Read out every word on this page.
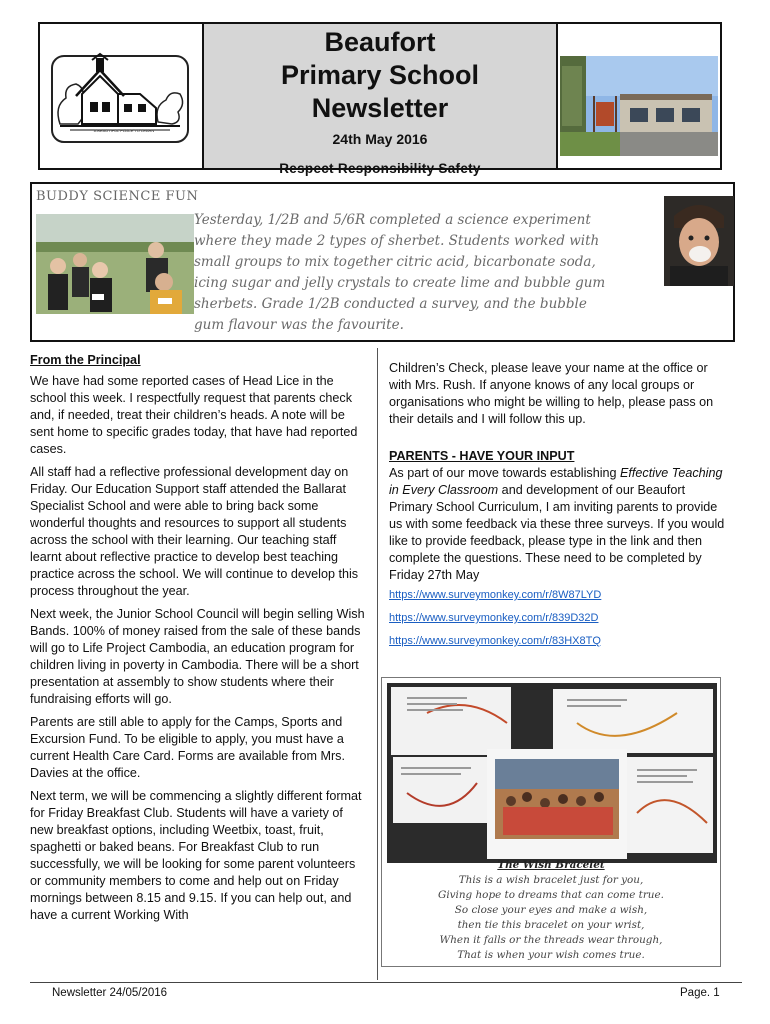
A BEAUTIFUL PLACE TO LEARN
Beaufort
Primary School
Newsletter
24th May 2016
Respect Responsibility Safety
BUDDY SCIENCE FUN
Yesterday, 1/2B and 5/6R completed a science experiment
where they made 2 types of sherbet. Students worked with
small groups to mix together citric acid, bicarbonate soda,
icing sugar and jelly crystals to create lime and bubble gum
sherbets. Grade 1/2B conducted a survey, and the bubble
gum flavour was the favourite.

From the Principal

We have had some reported cases of Head Lice in the school this week. I respectfully request that parents check and, if needed, treat their children’s heads. A note will be sent home to specific grades today, that have had reported cases.

All staff had a reflective professional development day on Friday. Our Education Support staff attended the Ballarat Specialist School and were able to bring back some wonderful thoughts and resources to support all students across the school with their learning. Our teaching staff learnt about reflective practice to develop best teaching practice across the school. We will continue to develop this process throughout the year.

Next week, the Junior School Council will begin selling Wish Bands. 100% of money raised from the sale of these bands will go to Life Project Cambodia, an education program for children living in poverty in Cambodia. There will be a short presentation at assembly to show students where their fundraising efforts will go.

Parents are still able to apply for the Camps, Sports and Excursion Fund. To be eligible to apply, you must have a current Health Care Card. Forms are available from Mrs. Davies at the office.

Next term, we will be commencing a slightly different format for Friday Breakfast Club. Students will have a variety of new breakfast options, including Weetbix, toast, fruit, spaghetti or baked beans. For Breakfast Club to run successfully, we will be looking for some parent volunteers or community members to come and help out on Friday mornings between 8.15 and 9.15. If you can help out, and have a current Working With

Children’s Check, please leave your name at the office or with Mrs. Rush. If anyone knows of any local groups or organisations who might be willing to help, please pass on their details and I will follow this up.

PARENTS - HAVE YOUR INPUT

As part of our move towards establishing Effective Teaching in Every Classroom and development of our Beaufort Primary School Curriculum, I am inviting parents to provide us with some feedback via these three surveys. If you would like to provide feedback, please type in the link and then complete the questions. These need to be completed by Friday 27th May

https://www.surveymonkey.com/r/8W87LYD
https://www.surveymonkey.com/r/839D32D
https://www.surveymonkey.com/r/83HX8TQ
The Wish Bracelet
This is a wish bracelet just for you,
Giving hope to dreams that can come true.
So close your eyes and make a wish,
then tie this bracelet on your wrist,
When it falls or the threads wear through,
That is when your wish comes true.
Newsletter 24/05/2016	Page. 1
